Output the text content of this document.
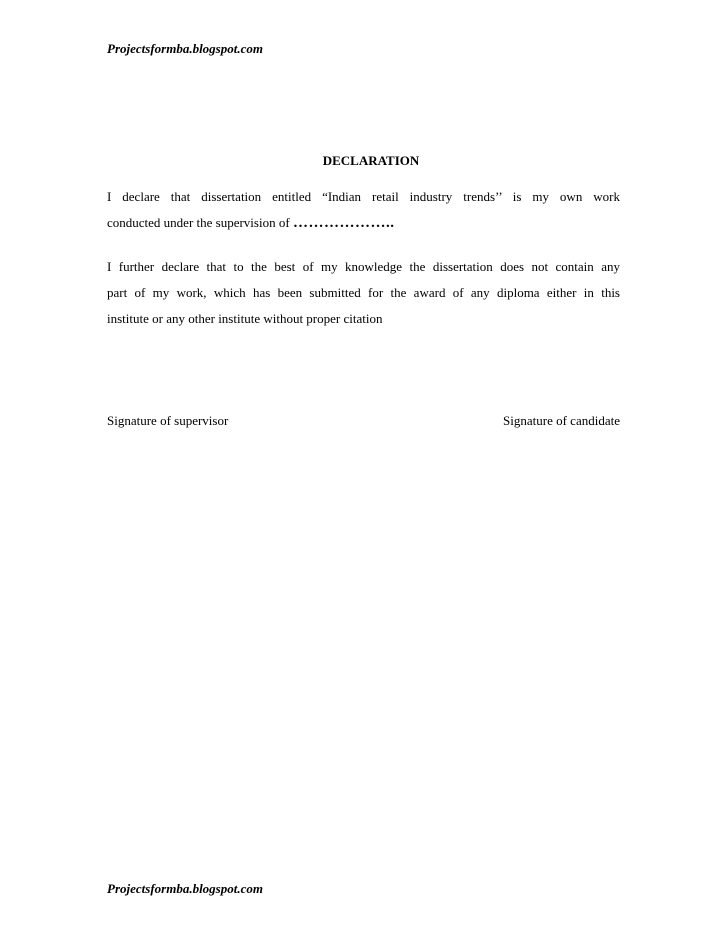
Projectsformba.blogspot.com
DECLARATION
I declare that dissertation entitled “Indian retail industry trends’’ is my own work
conducted under the supervision of ………………..
I further declare that to the best of my knowledge the dissertation does not contain any
part of my work, which has been submitted for the award of any diploma either in this
institute or any other institute without proper citation
Signature of supervisor	Signature of candidate
Projectsformba.blogspot.com
